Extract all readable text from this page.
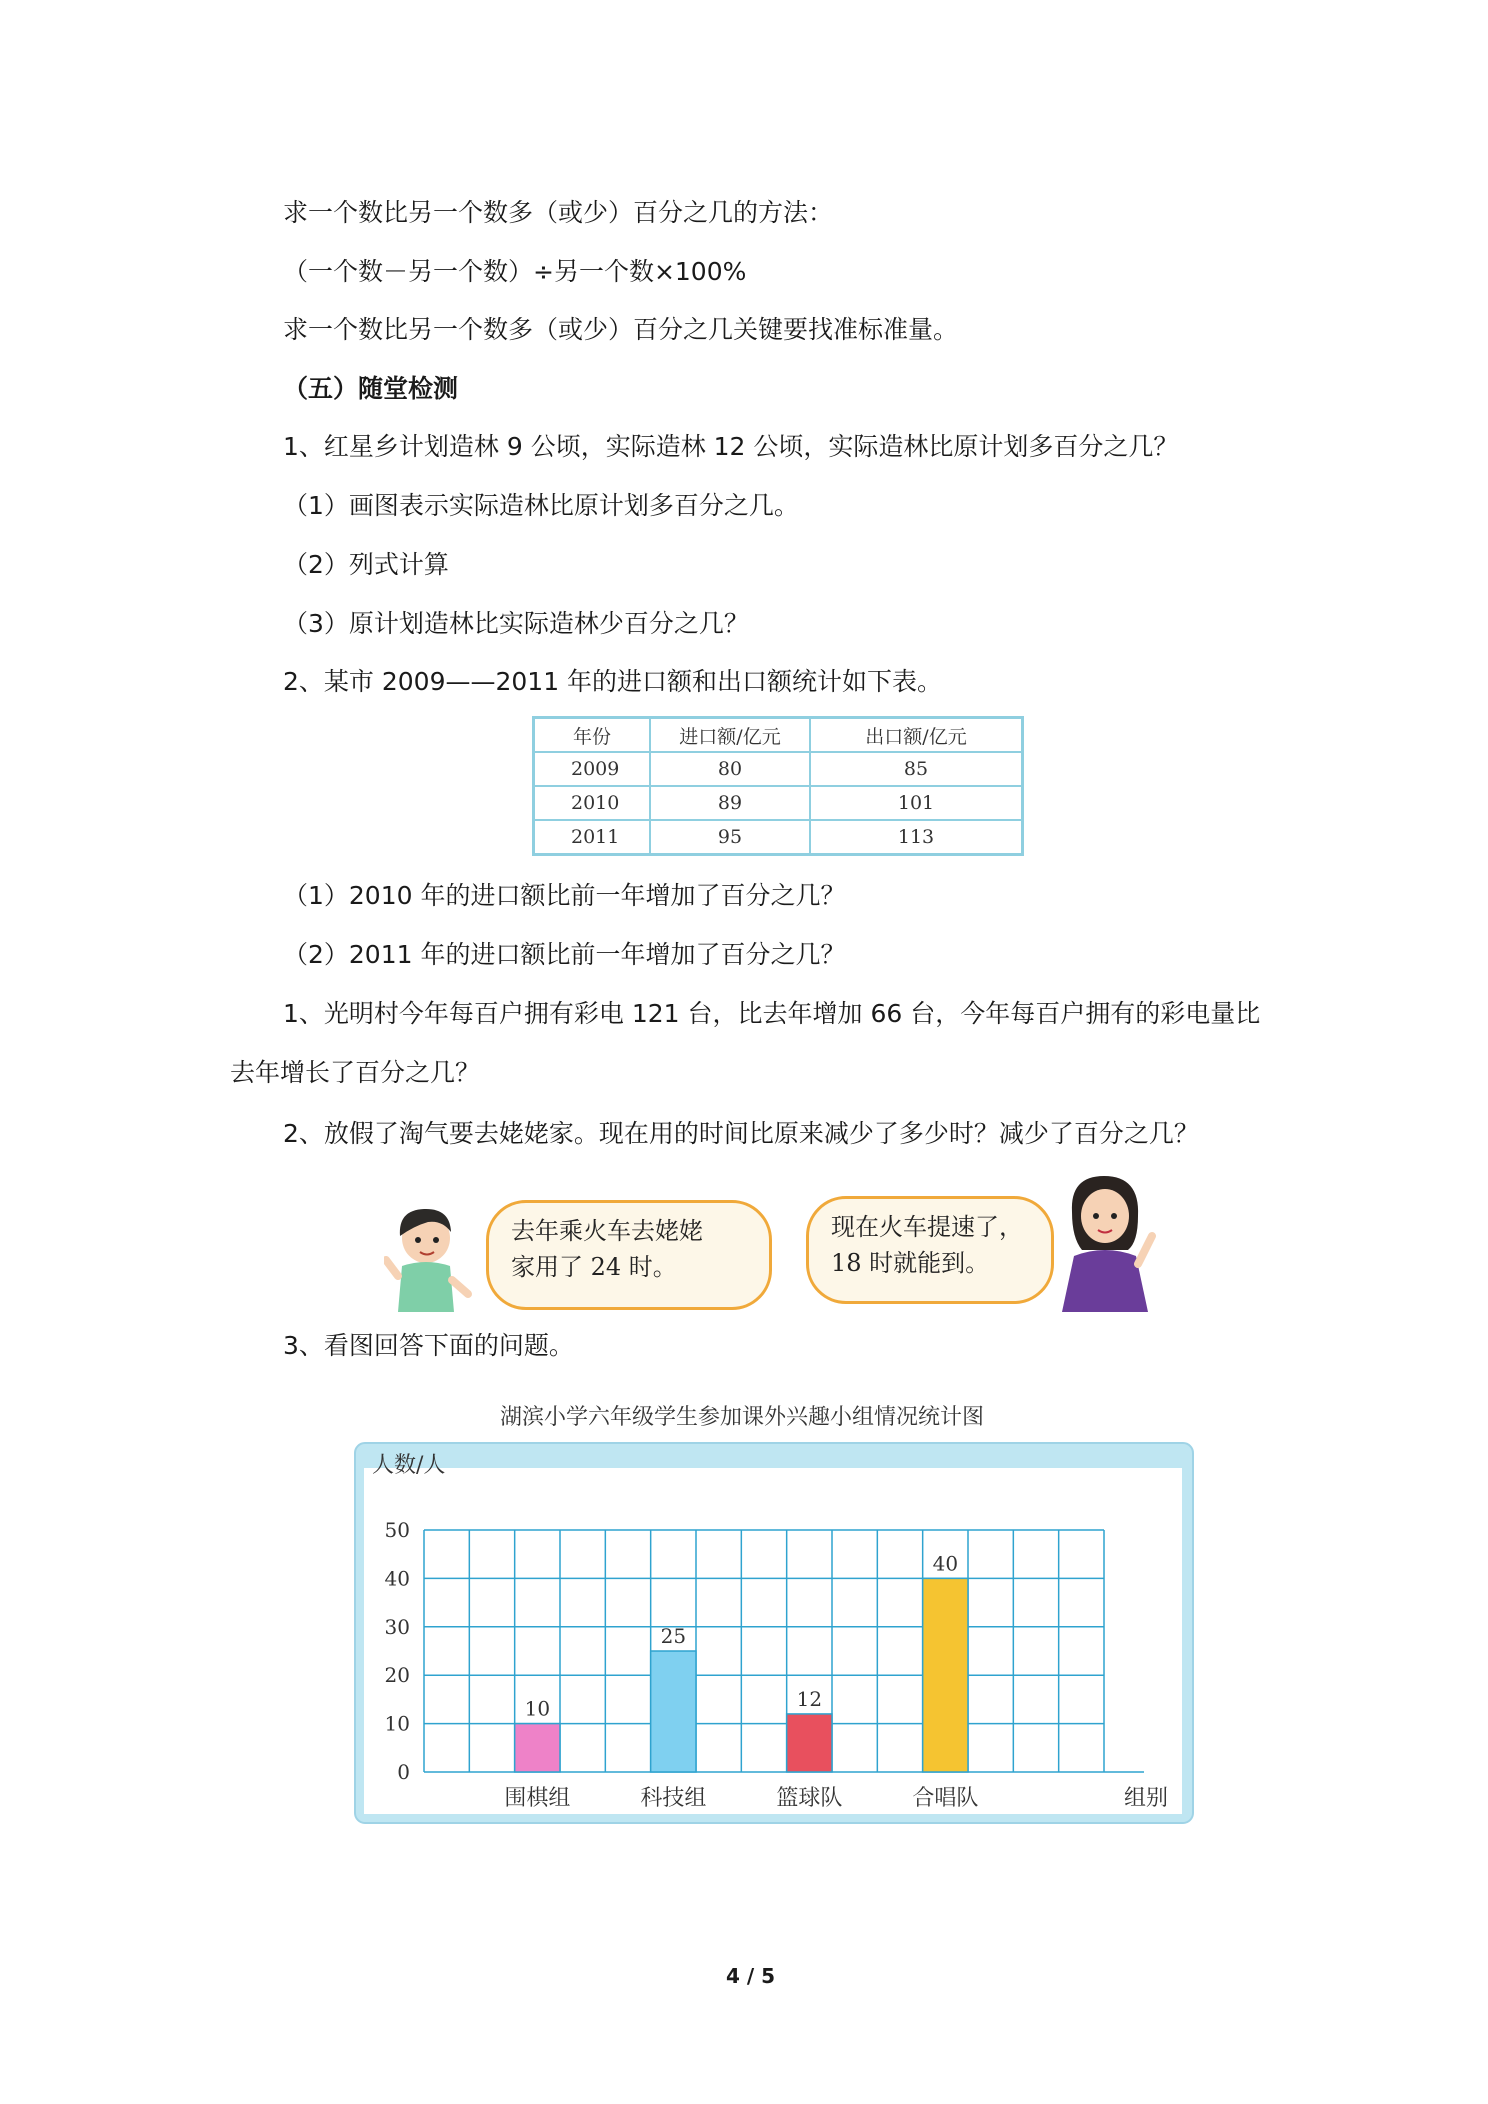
求一个数比另一个数多（或少）百分之几的方法：
（一个数－另一个数）÷另一个数×100%
求一个数比另一个数多（或少）百分之几关键要找准标准量。
（五）随堂检测
1、红星乡计划造林 9 公顷，实际造林 12 公顷，实际造林比原计划多百分之几？
（1）画图表示实际造林比原计划多百分之几。
（2）列式计算
（3）原计划造林比实际造林少百分之几？
2、某市 2009——2011 年的进口额和出口额统计如下表。
年份	进口额/亿元	出口额/亿元
2009	80	85
2010	89	101
2011	95	113
（1）2010 年的进口额比前一年增加了百分之几？
（2）2011 年的进口额比前一年增加了百分之几？
1、光明村今年每百户拥有彩电 121 台，比去年增加 66 台，今年每百户拥有的彩电量比
去年增长了百分之几？
2、放假了淘气要去姥姥家。现在用的时间比原来减少了多少时？减少了百分之几？
去年乘火车去姥姥
家用了 24 时。
现在火车提速了，
18 时就能到。
3、看图回答下面的问题。
湖滨小学六年级学生参加课外兴趣小组情况统计图
人数/人
组别
0
10
20
30
40
50
10
围棋组
25
科技组
12
篮球队
40
合唱队
4 / 5
